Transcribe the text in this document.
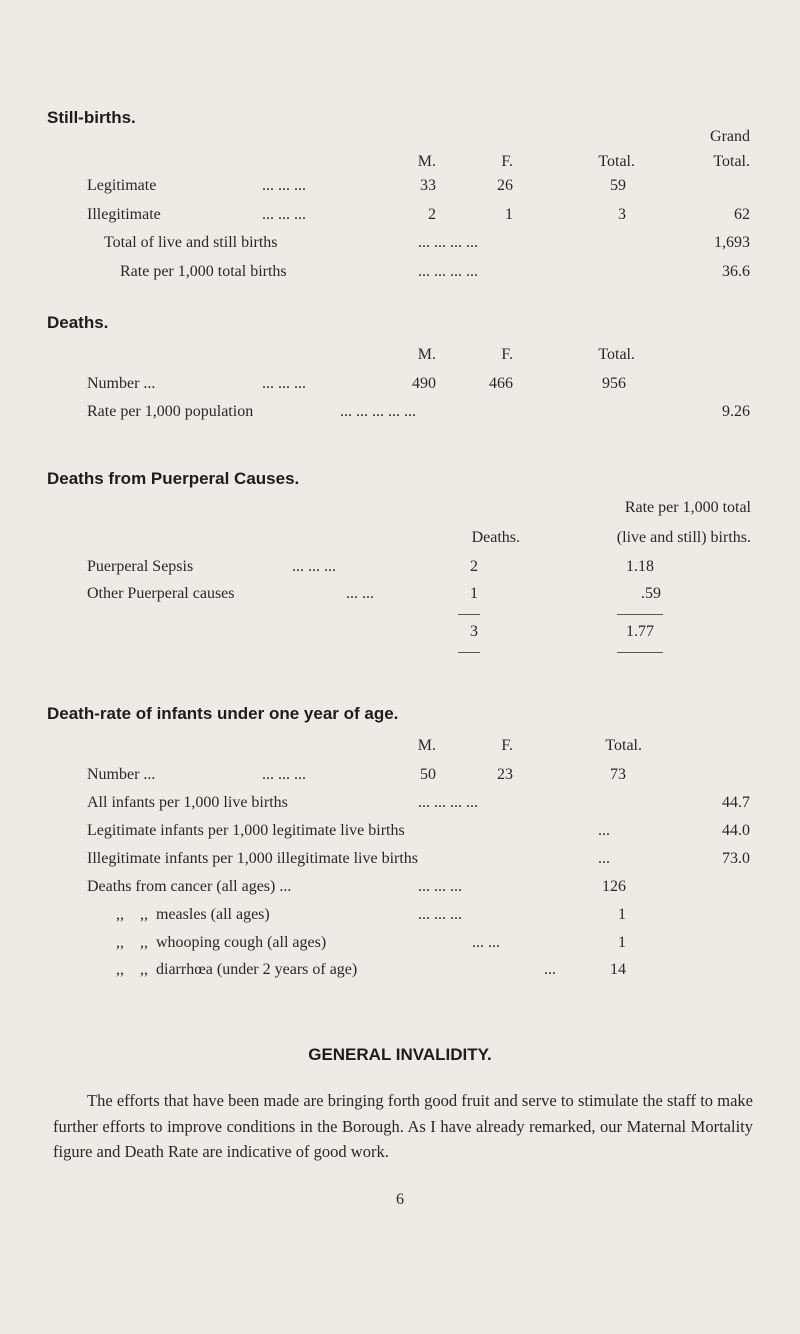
Still-births.
Grand
M.	F.	Total.	Total.
Legitimate	... ... ...	33	26	59
Illegitimate	... ... ...	2	1	3	62
Total of live and still births	... ... ... ...	1,693
Rate per 1,000 total births	... ... ... ...	36.6
Deaths.
M.	F.	Total.
Number ...	... ... ...	490	466	956
Rate per 1,000 population	... ... ... ... ...	9.26
Deaths from Puerperal Causes.
Rate per 1,000 total
Deaths.	(live and still) births.
Puerperal Sepsis	... ... ...	2	1.18
Other Puerperal causes	... ...	1	.59
3	1.77
Death-rate of infants under one year of age.
M.	F.	Total.
Number ...	... ... ...	50	23	73
All infants per 1,000 live births	... ... ... ...	44.7
Legitimate infants per 1,000 legitimate live births	...	44.0
Illegitimate infants per 1,000 illegitimate live births	...	73.0
Deaths from cancer (all ages) ...	... ... ...	126
,,    ,,  measles (all ages)	... ... ...	1
,,    ,,  whooping cough (all ages)	... ...	1
,,    ,,  diarrhœa (under 2 years of age)	...	14
GENERAL INVALIDITY.
The efforts that have been made are bringing forth good fruit and serve to stimulate the staff to make further efforts to improve conditions in the Borough. As I have already remarked, our Maternal Mortality figure and Death Rate are indicative of good work.
6
